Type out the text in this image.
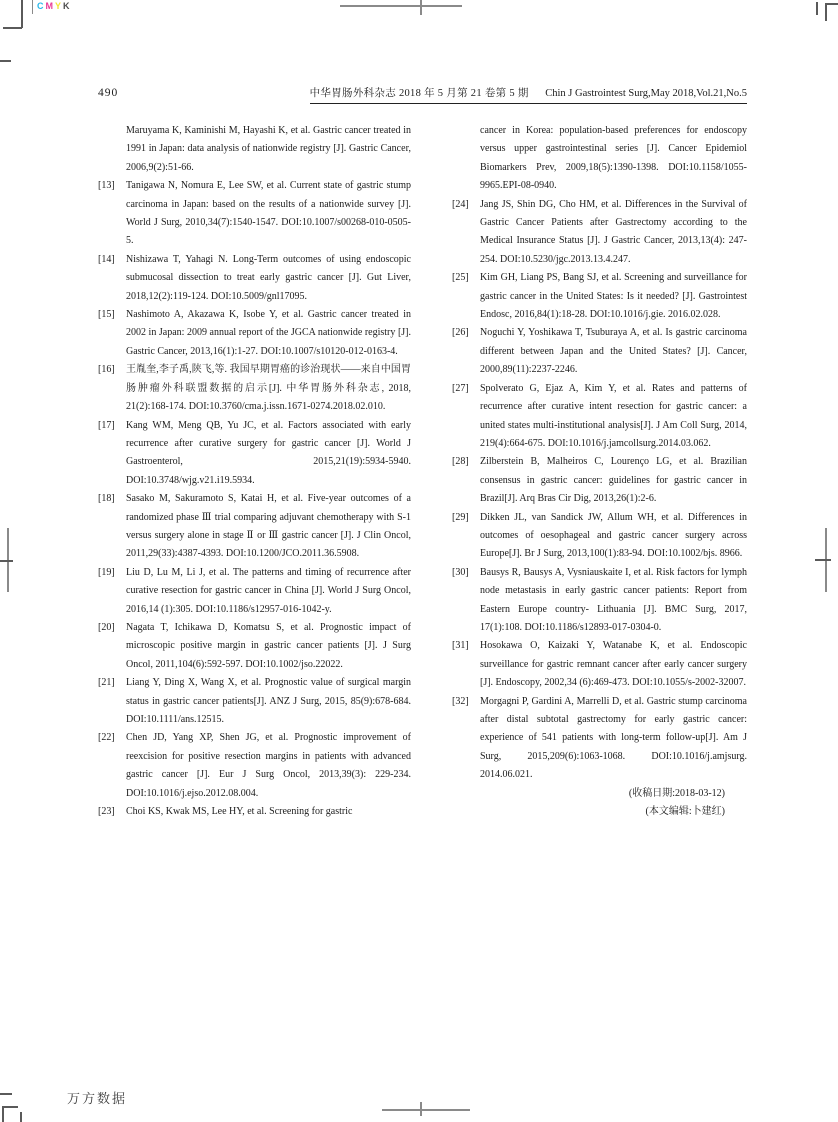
CMYK
490	中华胃肠外科杂志 2018 年 5 月第 21 卷第 5 期 Chin J Gastrointest Surg,May 2018,Vol.21,No.5
Maruyama K, Kaminishi M, Hayashi K, et al. Gastric cancer treated in 1991 in Japan: data analysis of nationwide registry [J]. Gastric Cancer, 2006,9(2):51-66.
[13]	Tanigawa N, Nomura E, Lee SW, et al. Current state of gastric stump carcinoma in Japan: based on the results of a nationwide survey [J]. World J Surg, 2010,34(7):1540-1547. DOI:10.1007/s00268-010-0505-5.
[14]	Nishizawa T, Yahagi N. Long-Term outcomes of using endoscopic submucosal dissection to treat early gastric cancer [J]. Gut Liver, 2018,12(2):119-124. DOI:10.5009/gnl17095.
[15]	Nashimoto A, Akazawa K, Isobe Y, et al. Gastric cancer treated in 2002 in Japan: 2009 annual report of the JGCA nationwide registry [J]. Gastric Cancer, 2013,16(1):1-27. DOI:10.1007/s10120-012-0163-4.
[16]	王胤奎,李子禹,陕飞,等. 我国早期胃癌的诊治现状——来自中国胃肠肿瘤外科联盟数据的启示[J]. 中华胃肠外科杂志, 2018, 21(2):168-174. DOI:10.3760/cma.j.issn.1671-0274.2018.02.010.
[17]	Kang WM, Meng QB, Yu JC, et al. Factors associated with early recurrence after curative surgery for gastric cancer [J]. World J Gastroenterol, 2015,21(19):5934-5940. DOI:10.3748/wjg.v21.i19.5934.
[18]	Sasako M, Sakuramoto S, Katai H, et al. Five-year outcomes of a randomized phase Ⅲ trial comparing adjuvant chemotherapy with S-1 versus surgery alone in stage Ⅱ or Ⅲ gastric cancer [J]. J Clin Oncol, 2011,29(33):4387-4393. DOI:10.1200/JCO.2011.36.5908.
[19]	Liu D, Lu M, Li J, et al. The patterns and timing of recurrence after curative resection for gastric cancer in China [J]. World J Surg Oncol, 2016,14 (1):305. DOI:10.1186/s12957-016-1042-y.
[20]	Nagata T, Ichikawa D, Komatsu S, et al. Prognostic impact of microscopic positive margin in gastric cancer patients [J]. J Surg Oncol, 2011,104(6):592-597. DOI:10.1002/jso.22022.
[21]	Liang Y, Ding X, Wang X, et al. Prognostic value of surgical margin status in gastric cancer patients[J]. ANZ J Surg, 2015, 85(9):678-684. DOI:10.1111/ans.12515.
[22]	Chen JD, Yang XP, Shen JG, et al. Prognostic improvement of reexcision for positive resection margins in patients with advanced gastric cancer [J]. Eur J Surg Oncol, 2013,39(3): 229-234. DOI:10.1016/j.ejso.2012.08.004.
[23]	Choi KS, Kwak MS, Lee HY, et al. Screening for gastric
cancer in Korea: population-based preferences for endoscopy versus upper gastrointestinal series [J]. Cancer Epidemiol Biomarkers Prev, 2009,18(5):1390-1398. DOI:10.1158/1055-9965.EPI-08-0940.
[24]	Jang JS, Shin DG, Cho HM, et al. Differences in the Survival of Gastric Cancer Patients after Gastrectomy according to the Medical Insurance Status [J]. J Gastric Cancer, 2013,13(4): 247-254. DOI:10.5230/jgc.2013.13.4.247.
[25]	Kim GH, Liang PS, Bang SJ, et al. Screening and surveillance for gastric cancer in the United States: Is it needed? [J]. Gastrointest Endosc, 2016,84(1):18-28. DOI:10.1016/j.gie. 2016.02.028.
[26]	Noguchi Y, Yoshikawa T, Tsuburaya A, et al. Is gastric carcinoma different between Japan and the United States? [J]. Cancer, 2000,89(11):2237-2246.
[27]	Spolverato G, Ejaz A, Kim Y, et al. Rates and patterns of recurrence after curative intent resection for gastric cancer: a united states multi-institutional analysis[J]. J Am Coll Surg, 2014, 219(4):664-675. DOI:10.1016/j.jamcollsurg.2014.03.062.
[28]	Zilberstein B, Malheiros C, Lourenço LG, et al. Brazilian consensus in gastric cancer: guidelines for gastric cancer in Brazil[J]. Arq Bras Cir Dig, 2013,26(1):2-6.
[29]	Dikken JL, van Sandick JW, Allum WH, et al. Differences in outcomes of oesophageal and gastric cancer surgery across Europe[J]. Br J Surg, 2013,100(1):83-94. DOI:10.1002/bjs. 8966.
[30]	Bausys R, Bausys A, Vysniauskaite I, et al. Risk factors for lymph node metastasis in early gastric cancer patients: Report from Eastern Europe country- Lithuania [J]. BMC Surg, 2017, 17(1):108. DOI:10.1186/s12893-017-0304-0.
[31]	Hosokawa O, Kaizaki Y, Watanabe K, et al. Endoscopic surveillance for gastric remnant cancer after early cancer surgery [J]. Endoscopy, 2002,34 (6):469-473. DOI:10.1055/s-2002-32007.
[32]	Morgagni P, Gardini A, Marrelli D, et al. Gastric stump carcinoma after distal subtotal gastrectomy for early gastric cancer: experience of 541 patients with long-term follow-up[J]. Am J Surg, 2015,209(6):1063-1068. DOI:10.1016/j.amjsurg. 2014.06.021.
(收稿日期:2018-03-12)
(本文编辑:卜建红)
万方数据
